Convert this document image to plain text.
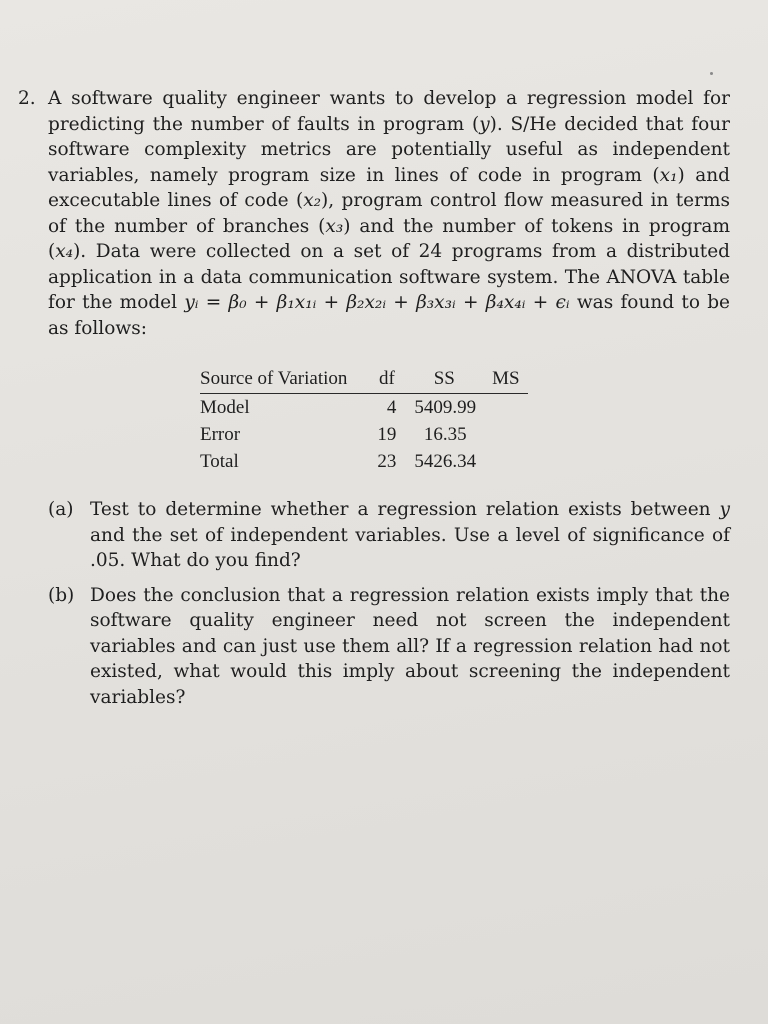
2. A software quality engineer wants to develop a regression model for predicting the number of faults in program (y). S/He decided that four software complexity metrics are potentially useful as independent variables, namely program size in lines of code in program (x₁) and excecutable lines of code (x₂), program control flow measured in terms of the number of branches (x₃) and the number of tokens in program (x₄). Data were collected on a set of 24 programs from a distributed application in a data communication software system. The ANOVA table for the model yᵢ = β₀ + β₁x₁ᵢ + β₂x₂ᵢ + β₃x₃ᵢ + β₄x₄ᵢ + ϵᵢ was found to be as follows:
Source of Variation	df	SS	MS
Model	4	5409.99	
Error	19	16.35	
Total	23	5426.34	
(a) Test to determine whether a regression relation exists between y and the set of independent variables. Use a level of significance of .05. What do you find?
(b) Does the conclusion that a regression relation exists imply that the software quality engineer need not screen the independent variables and can just use them all? If a regression relation had not existed, what would this imply about screening the independent variables?
